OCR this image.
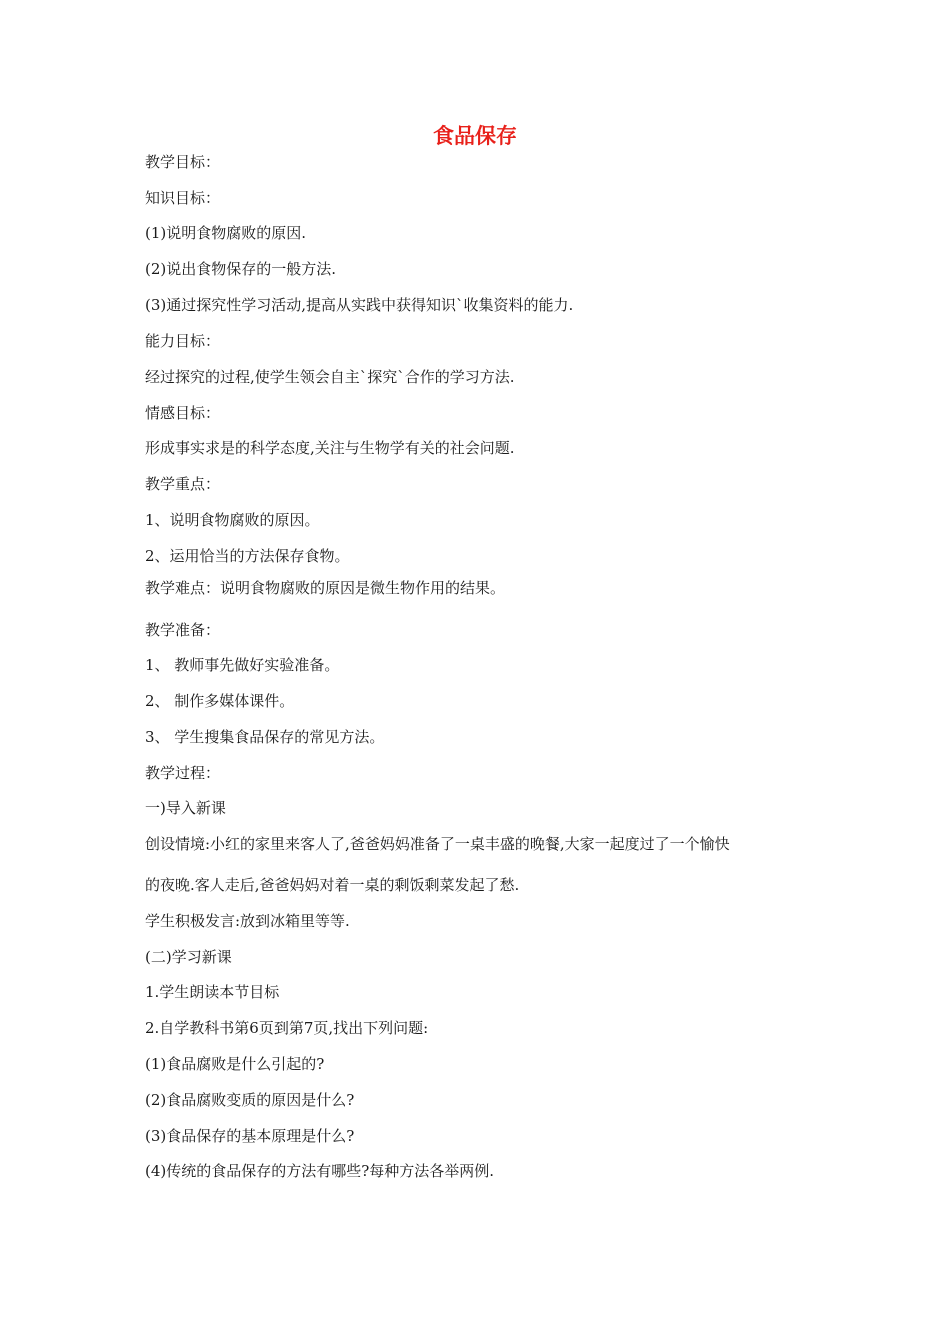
食品保存
教学目标：
知识目标：
(1)说明食物腐败的原因.
(2)说出食物保存的一般方法.
(3)通过探究性学习活动,提高从实践中获得知识`收集资料的能力.
能力目标：
经过探究的过程,使学生领会自主`探究`合作的学习方法.
情感目标：
形成事实求是的科学态度,关注与生物学有关的社会问题.
教学重点：
1、说明食物腐败的原因。
2、运用恰当的方法保存食物。
教学难点：说明食物腐败的原因是微生物作用的结果。
教学准备：
1、 教师事先做好实验准备。
2、 制作多媒体课件。
3、 学生搜集食品保存的常见方法。
教学过程：
一)导入新课
创设情境:小红的家里来客人了,爸爸妈妈准备了一桌丰盛的晚餐,大家一起度过了一个愉快
的夜晚.客人走后,爸爸妈妈对着一桌的剩饭剩菜发起了愁.
学生积极发言:放到冰箱里等等.
(二)学习新课
1.学生朗读本节目标
2.自学教科书第6页到第7页,找出下列问题:
(1)食品腐败是什么引起的?
(2)食品腐败变质的原因是什么?
(3)食品保存的基本原理是什么?
(4)传统的食品保存的方法有哪些?每种方法各举两例.
